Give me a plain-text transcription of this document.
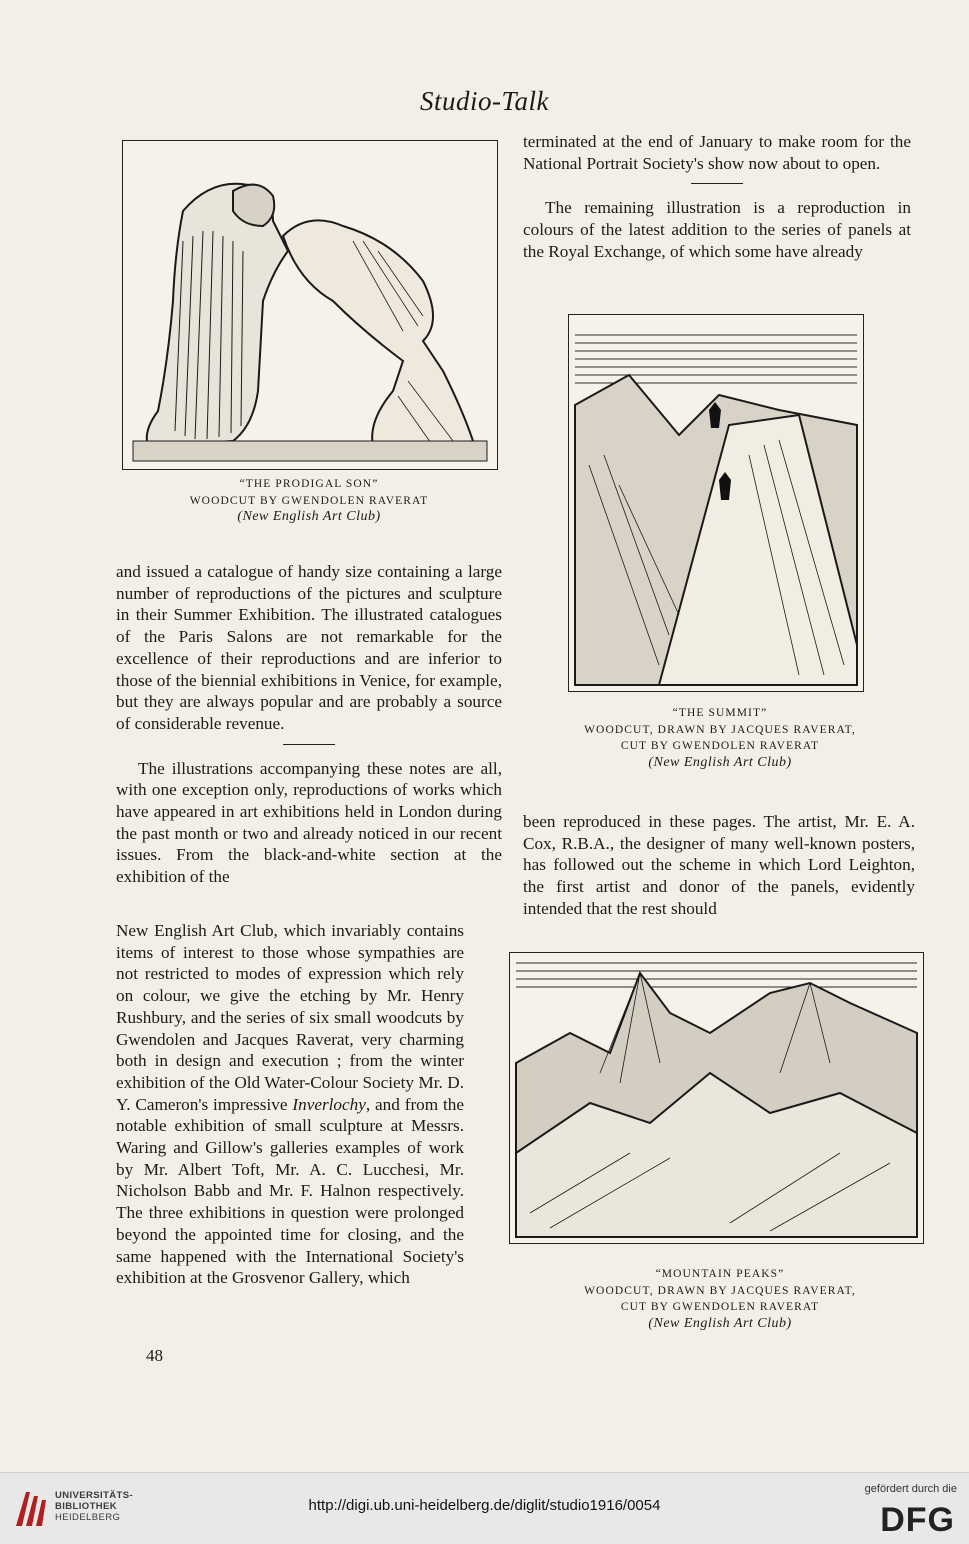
Studio-Talk
“THE PRODIGAL SON”
WOODCUT BY GWENDOLEN RAVERAT
(New English Art Club)

terminated at the end of January to make room for the National Portrait Society's show now about to open.

The remaining illustration is a reproduction in colours of the latest addition to the series of panels at the Royal Exchange, of which some have already

“THE SUMMIT”
WOODCUT, DRAWN BY JACQUES RAVERAT,
CUT BY GWENDOLEN RAVERAT
(New English Art Club)

and issued a catalogue of handy size containing a large number of reproductions of the pictures and sculpture in their Summer Exhibition. The illustrated catalogues of the Paris Salons are not remarkable for the excellence of their reproductions and are inferior to those of the biennial exhibitions in Venice, for example, but they are always popular and are probably a source of considerable revenue.

The illustrations accompanying these notes are all, with one exception only, reproductions of works which have appeared in art exhibitions held in London during the past month or two and already noticed in our recent issues. From the black-and-white section at the exhibition of the

New English Art Club, which invariably contains items of interest to those whose sympathies are not restricted to modes of expression which rely on colour, we give the etching by Mr. Henry Rushbury, and the series of six small woodcuts by Gwendolen and Jacques Raverat, very charming both in design and execution ; from the winter exhibition of the Old Water-Colour Society Mr. D. Y. Cameron's impressive Inverlochy, and from the notable exhibition of small sculpture at Messrs. Waring and Gillow's galleries examples of work by Mr. Albert Toft, Mr. A. C. Lucchesi, Mr. Nicholson Babb and Mr. F. Halnon respectively. The three exhibitions in question were prolonged beyond the appointed time for closing, and the same happened with the International Society's exhibition at the Grosvenor Gallery, which

been reproduced in these pages. The artist, Mr. E. A. Cox, R.B.A., the designer of many well-known posters, has followed out the scheme in which Lord Leighton, the first artist and donor of the panels, evidently intended that the rest should

“MOUNTAIN PEAKS”
WOODCUT, DRAWN BY JACQUES RAVERAT,
CUT BY GWENDOLEN RAVERAT
(New English Art Club)
48
UNIVERSITÄTS-
BIBLIOTHEK
HEIDELBERG
http://digi.ub.uni-heidelberg.de/diglit/studio1916/0054
gefördert durch die
DFG
